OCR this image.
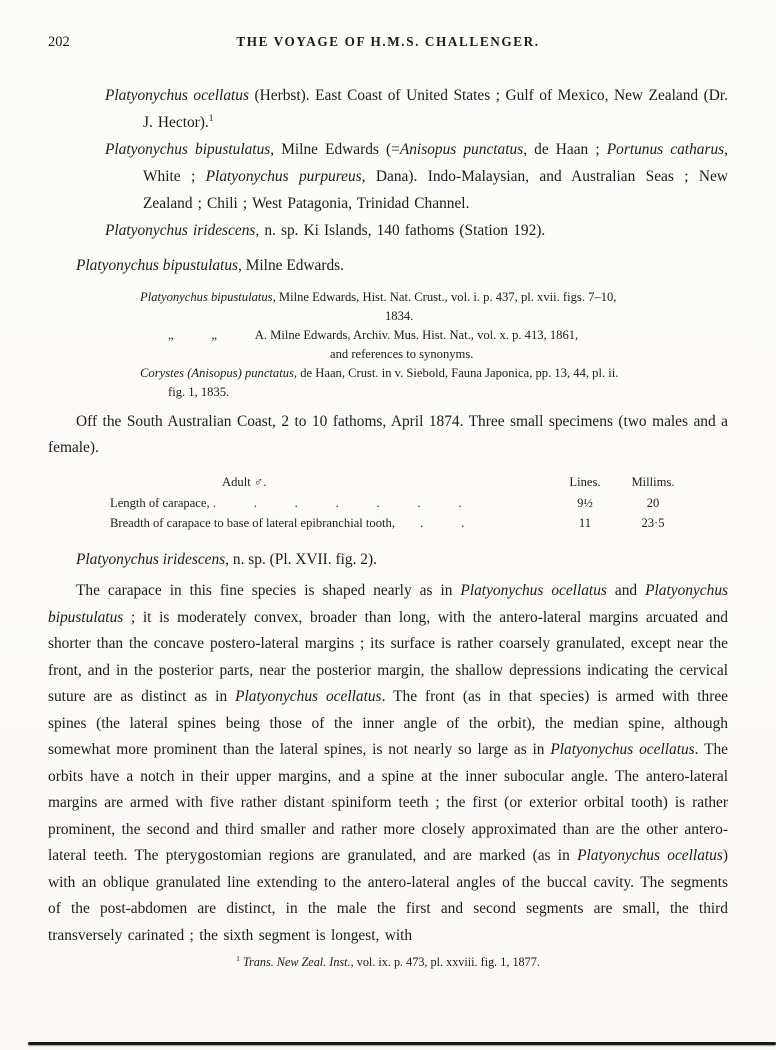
202	THE VOYAGE OF H.M.S. CHALLENGER.

Platyonychus ocellatus (Herbst). East Coast of United States ; Gulf of Mexico, New Zealand (Dr. J. Hector).$^1$

Platyonychus bipustulatus, Milne Edwards (=Anisopus punctatus, de Haan ; Portunus catharus, White ; Platyonychus purpureus, Dana). Indo-Malaysian, and Australian Seas ; New Zealand ; Chili ; West Patagonia, Trinidad Channel.

Platyonychus iridescens, n. sp. Ki Islands, 140 fathoms (Station 192).

Platyonychus bipustulatus, Milne Edwards.

Platyonychus bipustulatus, Milne Edwards, Hist. Nat. Crust., vol. i. p. 437, pl. xvii. figs. 7–10,

1834.

„   „   A. Milne Edwards, Archiv. Mus. Hist. Nat., vol. x. p. 413, 1861,

and references to synonyms.

Corystes (Anisopus) punctatus, de Haan, Crust. in v. Siebold, Fauna Japonica, pp. 13, 44, pl. ii.

fig. 1, 1835.

Off the South Australian Coast, 2 to 10 fathoms, April 1874. Three small specimens (two males and a female).

Adult ♂.	Lines.	Millims.
Length of carapace, .   .   .   .   .   .   .	9½	20
Breadth of carapace to base of lateral epibranchial tooth,  .   .	11	23·5
Platyonychus iridescens, n. sp. (Pl. XVII. fig. 2).

The carapace in this fine species is shaped nearly as in Platyonychus ocellatus and Platyonychus bipustulatus ; it is moderately convex, broader than long, with the antero-lateral margins arcuated and shorter than the concave postero-lateral margins ; its surface is rather coarsely granulated, except near the front, and in the posterior parts, near the posterior margin, the shallow depressions indicating the cervical suture are as distinct as in Platyonychus ocellatus. The front (as in that species) is armed with three spines (the lateral spines being those of the inner angle of the orbit), the median spine, although somewhat more prominent than the lateral spines, is not nearly so large as in Platyonychus ocellatus. The orbits have a notch in their upper margins, and a spine at the inner subocular angle. The antero-lateral margins are armed with five rather distant spiniform teeth ; the first (or exterior orbital tooth) is rather prominent, the second and third smaller and rather more closely approximated than are the other antero-lateral teeth. The pterygostomian regions are granulated, and are marked (as in Platyonychus ocellatus) with an oblique granulated line extending to the antero-lateral angles of the buccal cavity. The segments of the post-abdomen are distinct, in the male the first and second segments are small, the third transversely carinated ; the sixth segment is longest, with

$^1$ Trans. New Zeal. Inst., vol. ix. p. 473, pl. xxviii. fig. 1, 1877.
